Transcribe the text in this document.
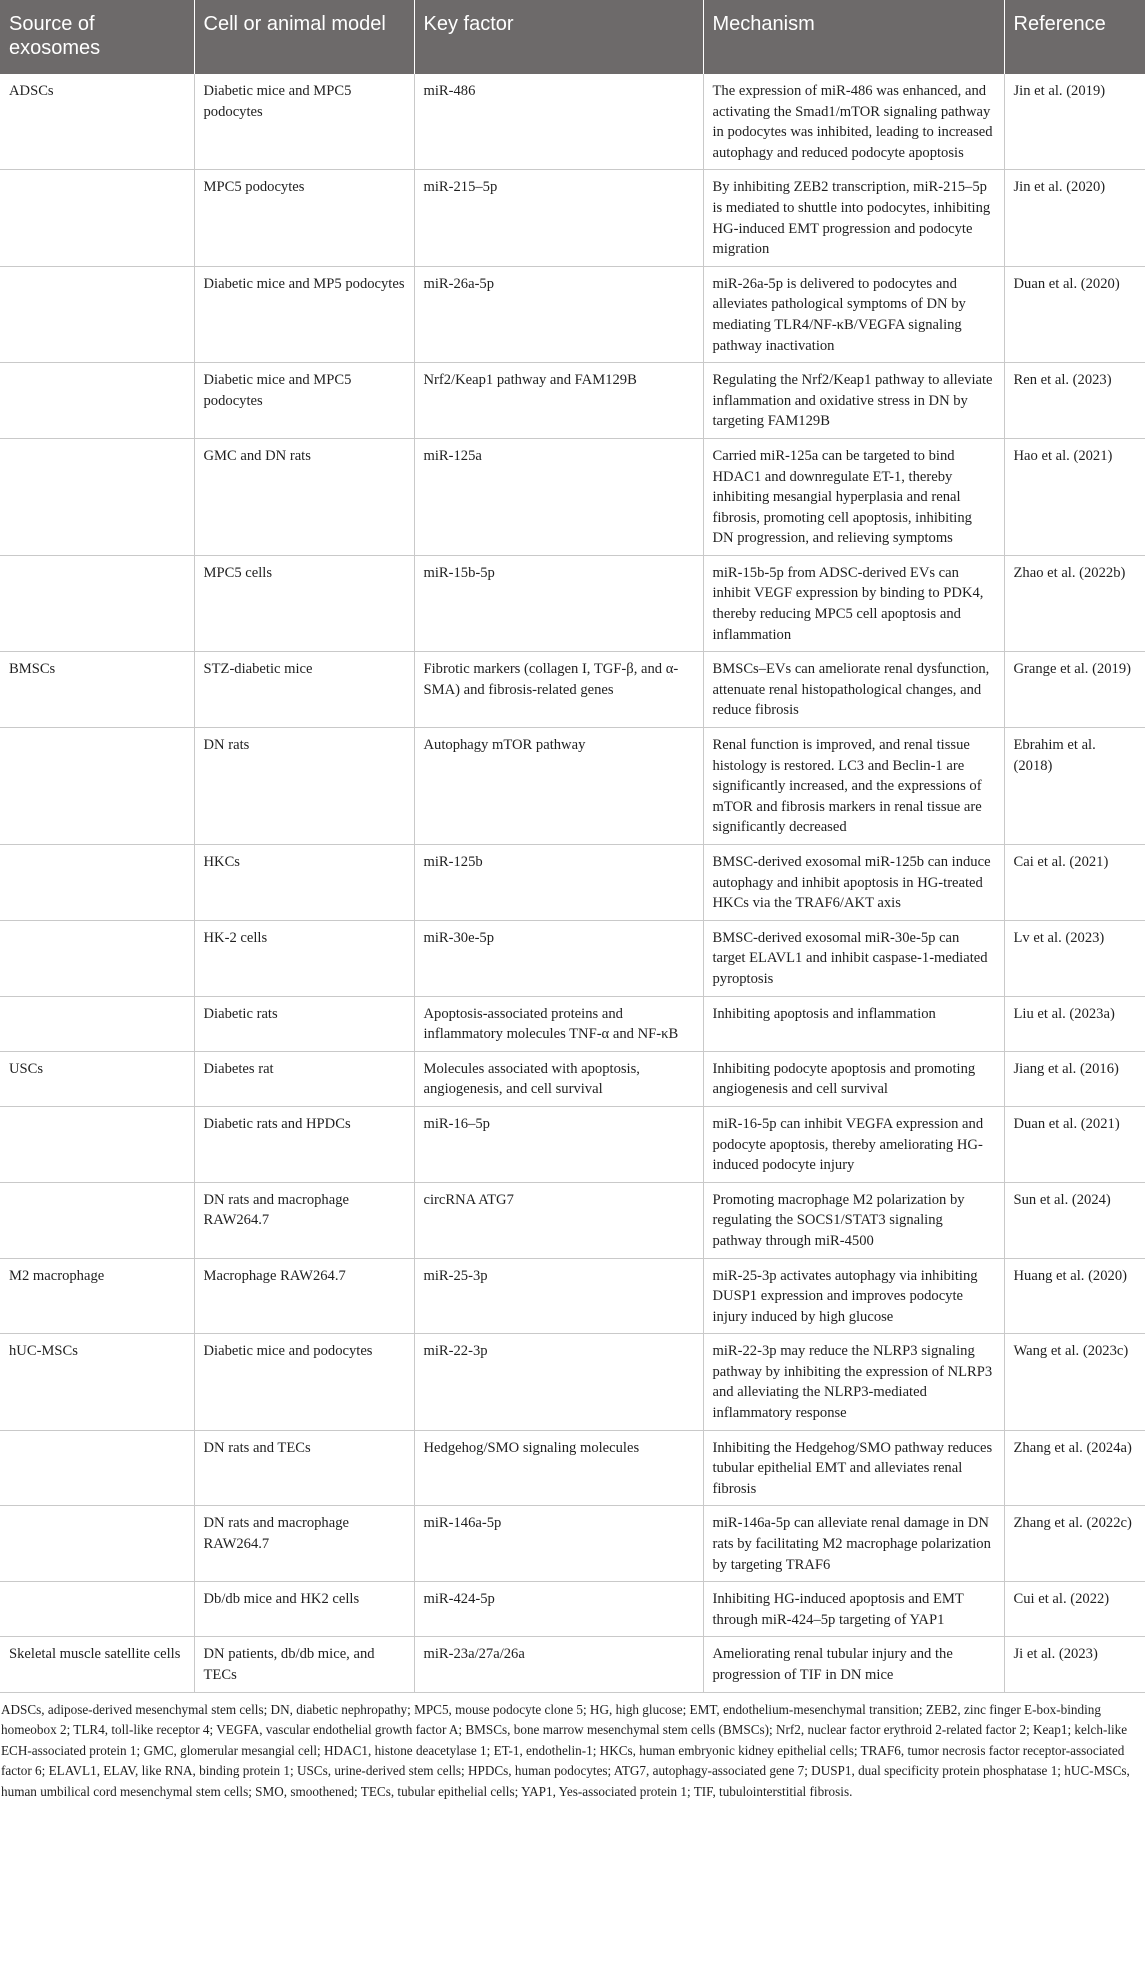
Source of exosomes	Cell or animal model	Key factor	Mechanism	Reference
ADSCs	Diabetic mice and MPC5 podocytes	miR-486	The expression of miR-486 was enhanced, and activating the Smad1/mTOR signaling pathway in podocytes was inhibited, leading to increased autophagy and reduced podocyte apoptosis	Jin et al. (2019)
	MPC5 podocytes	miR-215–5p	By inhibiting ZEB2 transcription, miR-215–5p is mediated to shuttle into podocytes, inhibiting HG-induced EMT progression and podocyte migration	Jin et al. (2020)
	Diabetic mice and MP5 podocytes	miR-26a-5p	miR-26a-5p is delivered to podocytes and alleviates pathological symptoms of DN by mediating TLR4/NF-κB/VEGFA signaling pathway inactivation	Duan et al. (2020)
	Diabetic mice and MPC5 podocytes	Nrf2/Keap1 pathway and FAM129B	Regulating the Nrf2/Keap1 pathway to alleviate inflammation and oxidative stress in DN by targeting FAM129B	Ren et al. (2023)
	GMC and DN rats	miR-125a	Carried miR-125a can be targeted to bind HDAC1 and downregulate ET-1, thereby inhibiting mesangial hyperplasia and renal fibrosis, promoting cell apoptosis, inhibiting DN progression, and relieving symptoms	Hao et al. (2021)
	MPC5 cells	miR-15b-5p	miR-15b-5p from ADSC-derived EVs can inhibit VEGF expression by binding to PDK4, thereby reducing MPC5 cell apoptosis and inflammation	Zhao et al. (2022b)
BMSCs	STZ-diabetic mice	Fibrotic markers (collagen I, TGF-β, and α-SMA) and fibrosis-related genes	BMSCs–EVs can ameliorate renal dysfunction, attenuate renal histopathological changes, and reduce fibrosis	Grange et al. (2019)
	DN rats	Autophagy mTOR pathway	Renal function is improved, and renal tissue histology is restored. LC3 and Beclin-1 are significantly increased, and the expressions of mTOR and fibrosis markers in renal tissue are significantly decreased	Ebrahim et al. (2018)
	HKCs	miR-125b	BMSC-derived exosomal miR-125b can induce autophagy and inhibit apoptosis in HG-treated HKCs via the TRAF6/AKT axis	Cai et al. (2021)
	HK-2 cells	miR-30e-5p	BMSC-derived exosomal miR-30e-5p can target ELAVL1 and inhibit caspase-1-mediated pyroptosis	Lv et al. (2023)
	Diabetic rats	Apoptosis-associated proteins and inflammatory molecules TNF-α and NF-κB	Inhibiting apoptosis and inflammation	Liu et al. (2023a)
USCs	Diabetes rat	Molecules associated with apoptosis, angiogenesis, and cell survival	Inhibiting podocyte apoptosis and promoting angiogenesis and cell survival	Jiang et al. (2016)
	Diabetic rats and HPDCs	miR-16–5p	miR-16-5p can inhibit VEGFA expression and podocyte apoptosis, thereby ameliorating HG-induced podocyte injury	Duan et al. (2021)
	DN rats and macrophage RAW264.7	circRNA ATG7	Promoting macrophage M2 polarization by regulating the SOCS1/STAT3 signaling pathway through miR-4500	Sun et al. (2024)
M2 macrophage	Macrophage RAW264.7	miR-25-3p	miR-25-3p activates autophagy via inhibiting DUSP1 expression and improves podocyte injury induced by high glucose	Huang et al. (2020)
hUC-MSCs	Diabetic mice and podocytes	miR-22-3p	miR-22-3p may reduce the NLRP3 signaling pathway by inhibiting the expression of NLRP3 and alleviating the NLRP3-mediated inflammatory response	Wang et al. (2023c)
	DN rats and TECs	Hedgehog/SMO signaling molecules	Inhibiting the Hedgehog/SMO pathway reduces tubular epithelial EMT and alleviates renal fibrosis	Zhang et al. (2024a)
	DN rats and macrophage RAW264.7	miR-146a-5p	miR-146a-5p can alleviate renal damage in DN rats by facilitating M2 macrophage polarization by targeting TRAF6	Zhang et al. (2022c)
	Db/db mice and HK2 cells	miR-424-5p	Inhibiting HG-induced apoptosis and EMT through miR-424–5p targeting of YAP1	Cui et al. (2022)
Skeletal muscle satellite cells	DN patients, db/db mice, and TECs	miR-23a/27a/26a	Ameliorating renal tubular injury and the progression of TIF in DN mice	Ji et al. (2023)

ADSCs, adipose-derived mesenchymal stem cells; DN, diabetic nephropathy; MPC5, mouse podocyte clone 5; HG, high glucose; EMT, endothelium-mesenchymal transition; ZEB2, zinc finger E-box-binding homeobox 2; TLR4, toll-like receptor 4; VEGFA, vascular endothelial growth factor A; BMSCs, bone marrow mesenchymal stem cells (BMSCs); Nrf2, nuclear factor erythroid 2-related factor 2; Keap1; kelch-like ECH-associated protein 1; GMC, glomerular mesangial cell; HDAC1, histone deacetylase 1; ET-1, endothelin-1; HKCs, human embryonic kidney epithelial cells; TRAF6, tumor necrosis factor receptor-associated factor 6; ELAVL1, ELAV, like RNA, binding protein 1; USCs, urine-derived stem cells; HPDCs, human podocytes; ATG7, autophagy-associated gene 7; DUSP1, dual specificity protein phosphatase 1; hUC-MSCs, human umbilical cord mesenchymal stem cells; SMO, smoothened; TECs, tubular epithelial cells; YAP1, Yes-associated protein 1; TIF, tubulointerstitial fibrosis.
